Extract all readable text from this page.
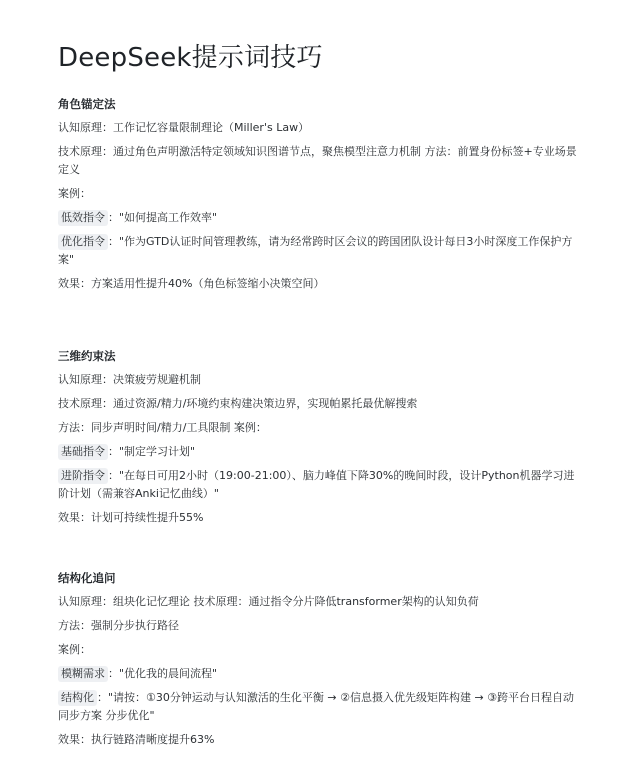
DeepSeek提示词技巧
角色锚定法

认知原理：工作记忆容量限制理论（Miller's Law）

技术原理：通过角色声明激活特定领域知识图谱节点，聚焦模型注意力机制 方法：前置身份标签+专业场景定义

案例：

低效指令 ："如何提高工作效率"

优化指令 ："作为GTD认证时间管理教练，请为经常跨时区会议的跨国团队设计每日3小时深度工作保护方案"

效果：方案适用性提升40%（角色标签缩小决策空间）

三维约束法

认知原理：决策疲劳规避机制

技术原理：通过资源/精力/环境约束构建决策边界，实现帕累托最优解搜索

方法：同步声明时间/精力/工具限制 案例：

基础指令 ："制定学习计划"

进阶指令 ："在每日可用2小时（19:00-21:00）、脑力峰值下降30%的晚间时段，设计Python机器学习进阶计划（需兼容Anki记忆曲线）"

效果：计划可持续性提升55%

结构化追问

认知原理：组块化记忆理论 技术原理：通过指令分片降低transformer架构的认知负荷

方法：强制分步执行路径

案例：

模糊需求 ："优化我的晨间流程"

结构化 ："请按：①30分钟运动与认知激活的生化平衡 → ②信息摄入优先级矩阵构建 → ③跨平台日程自动同步方案 分步优化"

效果：执行链路清晰度提升63%
